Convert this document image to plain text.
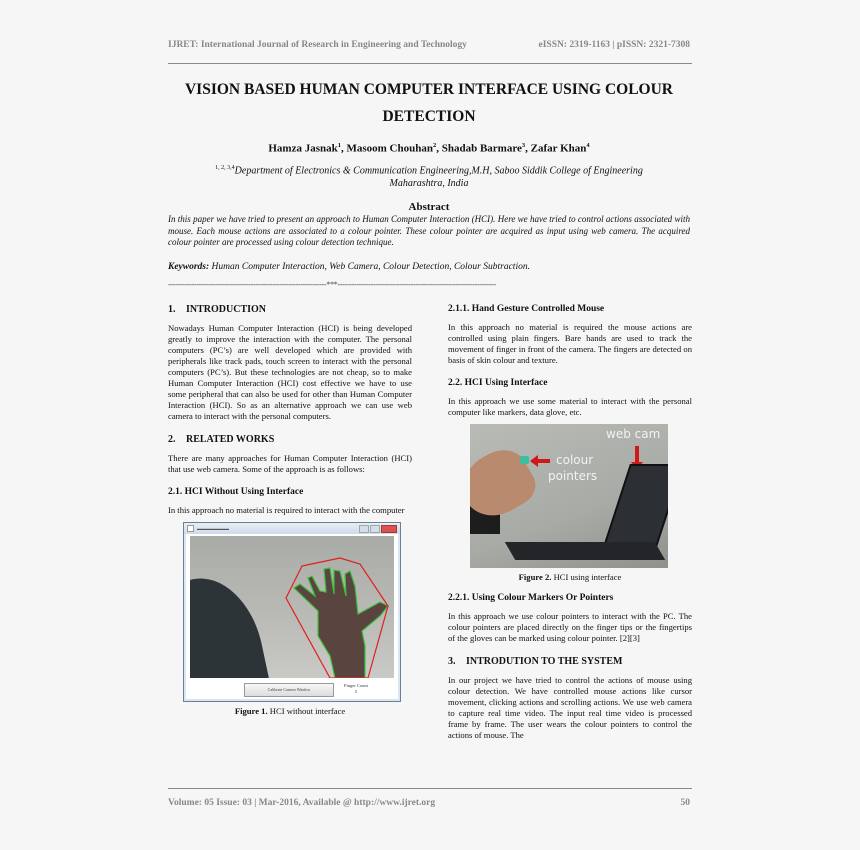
IJRET: International Journal of Research in Engineering and Technology	eISSN: 2319-1163 | pISSN: 2321-7308
VISION BASED HUMAN COMPUTER INTERFACE USING COLOUR
DETECTION
Hamza Jasnak$^1$, Masoom Chouhan$^2$, Shadab Barmare$^3$, Zafar Khan$^4$
$^{1, 2, 3,4}$Department of Electronics & Communication Engineering,M.H, Saboo Siddik College of Engineering
Maharashtra, India
Abstract
In this paper we have tried to present an approach to Human Computer Interaction (HCI). Here we have tried to control actions associated with mouse. Each mouse actions are associated to a colour pointer. These colour pointer are acquired as input using web camera. The acquired colour pointer are processed using colour detection technique.
Keywords: Human Computer Interaction, Web Camera, Colour Detection, Colour Subtraction.
-------------------------------------------------------------------***-------------------------------------------------------------------
1. INTRODUCTION

Nowadays Human Computer Interaction (HCI) is being developed greatly to improve the interaction with the computer. The personal computers (PC’s) are well developed which are provided with peripherals like track pads, touch screen to interact with the personal computers (PC’s). But these technologies are not cheap, so to make Human Computer Interaction (HCI) cost effective we have to use some peripheral that can also be used for other than Human Computer Interaction (HCI). So as an alternative approach we can use web camera to interact with the personal computers.

2. RELATED WORKS

There are many approaches for Human Computer Interaction (HCI) that use web camera. Some of the approach is as follows:

2.1. HCI Without Using Interface

In this approach no material is required to interact with the computer

▬▬▬▬▬▬▬▬
Calibrate Camera Window
Finger Count
5
Figure 1. HCI without interface
2.1.1. Hand Gesture Controlled Mouse

In this approach no material is required the mouse actions are controlled using plain fingers. Bare hands are used to track the movement of finger in front of the camera. The fingers are detected on basis of skin colour and texture.

2.2. HCI Using Interface

In this approach we use some material to interact with the personal computer like markers, data glove, etc.

colour
pointers
web cam
Figure 2. HCI using interface
2.2.1. Using Colour Markers Or Pointers

In this approach we use colour pointers to interact with the PC. The colour pointers are placed directly on the finger tips or the fingertips of the gloves can be marked using colour pointer. [2][3]

3. INTRODUTION TO THE SYSTEM

In our project we have tried to control the actions of mouse using colour detection. We have controlled mouse actions like cursor movement, clicking actions and scrolling actions. We use web camera to capture real time video. The input real time video is processed frame by frame. The user wears the colour pointers to control the actions of mouse. The

Volume: 05 Issue: 03 | Mar-2016, Available @ http://www.ijret.org	50
